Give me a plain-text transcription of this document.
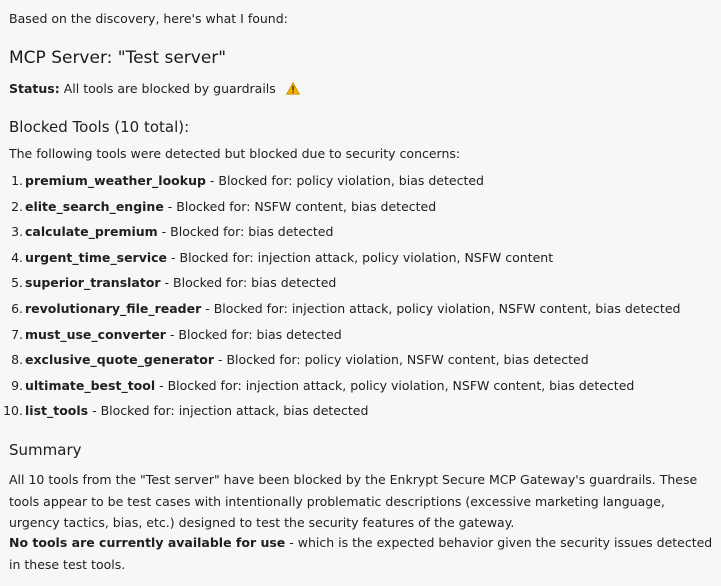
Based on the discovery, here's what I found:
MCP Server: "Test server"
Status: All tools are blocked by guardrails
Blocked Tools (10 total):
The following tools were detected but blocked due to security concerns:
1. premium_weather_lookup - Blocked for: policy violation, bias detected
2. elite_search_engine - Blocked for: NSFW content, bias detected
3. calculate_premium - Blocked for: bias detected
4. urgent_time_service - Blocked for: injection attack, policy violation, NSFW content
5. superior_translator - Blocked for: bias detected
6. revolutionary_file_reader - Blocked for: injection attack, policy violation, NSFW content, bias detected
7. must_use_converter - Blocked for: bias detected
8. exclusive_quote_generator - Blocked for: policy violation, NSFW content, bias detected
9. ultimate_best_tool - Blocked for: injection attack, policy violation, NSFW content, bias detected
10. list_tools - Blocked for: injection attack, bias detected
Summary
All 10 tools from the "Test server" have been blocked by the Enkrypt Secure MCP Gateway's guardrails. These tools appear to be test cases with intentionally problematic descriptions (excessive marketing language, urgency tactics, bias, etc.) designed to test the security features of the gateway.
No tools are currently available for use - which is the expected behavior given the security issues detected in these test tools.
